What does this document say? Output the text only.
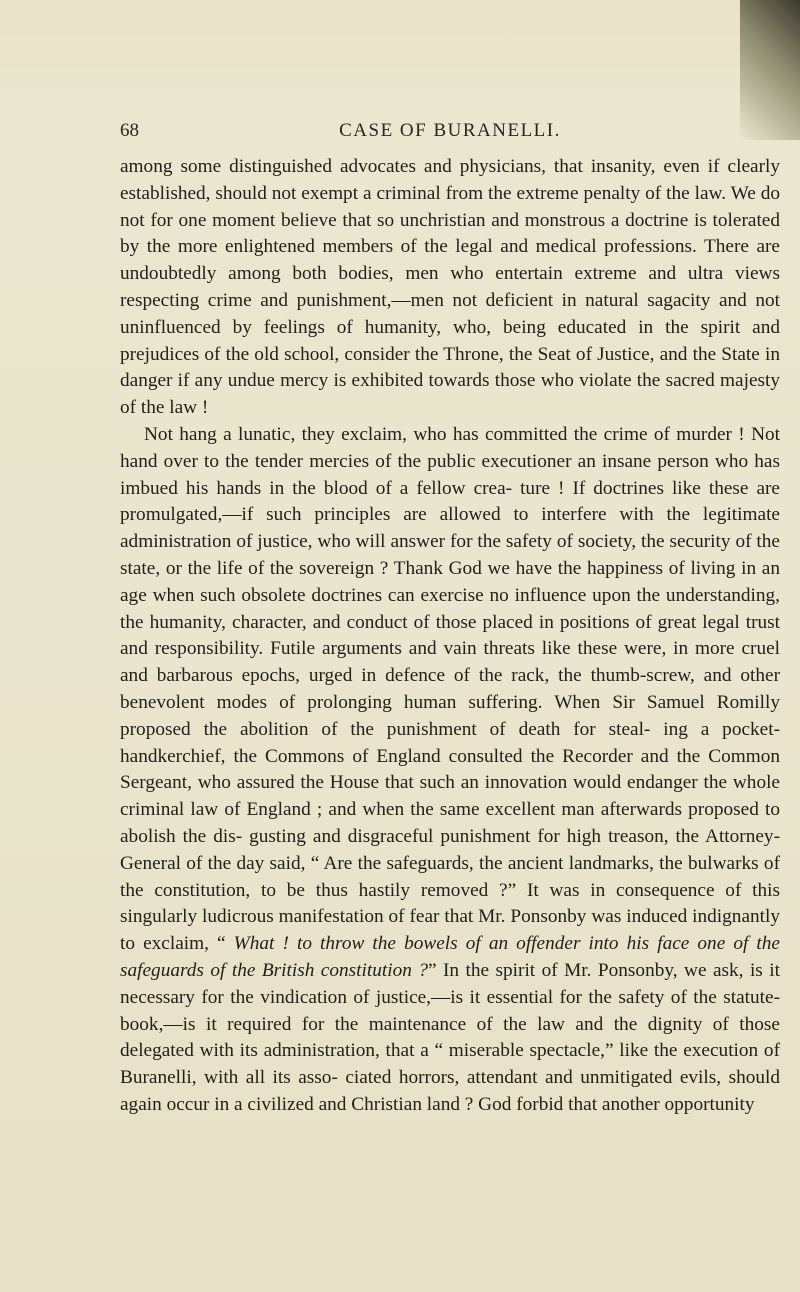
68	CASE OF BURANELLI.

among some distinguished advocates and physicians, that insanity, even if clearly established, should not exempt a criminal from the extreme penalty of the law. We do not for one moment believe that so unchristian and monstrous a doctrine is tolerated by the more enlightened members of the legal and medical professions. There are undoubtedly among both bodies, men who entertain extreme and ultra views respecting crime and punishment,—men not deficient in natural sagacity and not uninfluenced by feelings of humanity, who, being educated in the spirit and prejudices of the old school, consider the Throne, the Seat of Justice, and the State in danger if any undue mercy is exhibited towards those who violate the sacred majesty of the law !

Not hang a lunatic, they exclaim, who has committed the crime of murder ! Not hand over to the tender mercies of the public executioner an insane person who has imbued his hands in the blood of a fellow crea- ture ! If doctrines like these are promulgated,—if such principles are allowed to interfere with the legitimate administration of justice, who will answer for the safety of society, the security of the state, or the life of the sovereign ? Thank God we have the happiness of living in an age when such obsolete doctrines can exercise no influence upon the understanding, the humanity, character, and conduct of those placed in positions of great legal trust and responsibility. Futile arguments and vain threats like these were, in more cruel and barbarous epochs, urged in defence of the rack, the thumb-screw, and other benevolent modes of prolonging human suffering. When Sir Samuel Romilly proposed the abolition of the punishment of death for steal- ing a pocket-handkerchief, the Commons of England consulted the Recorder and the Common Sergeant, who assured the House that such an innovation would endanger the whole criminal law of England ; and when the same excellent man afterwards proposed to abolish the dis- gusting and disgraceful punishment for high treason, the Attorney- General of the day said, “ Are the safeguards, the ancient landmarks, the bulwarks of the constitution, to be thus hastily removed ?” It was in consequence of this singularly ludicrous manifestation of fear that Mr. Ponsonby was induced indignantly to exclaim, “ What ! to throw the bowels of an offender into his face one of the safeguards of the British constitution ?” In the spirit of Mr. Ponsonby, we ask, is it necessary for the vindication of justice,—is it essential for the safety of the statute-book,—is it required for the maintenance of the law and the dignity of those delegated with its administration, that a “ miserable spectacle,” like the execution of Buranelli, with all its asso- ciated horrors, attendant and unmitigated evils, should again occur in a civilized and Christian land ? God forbid that another opportunity
